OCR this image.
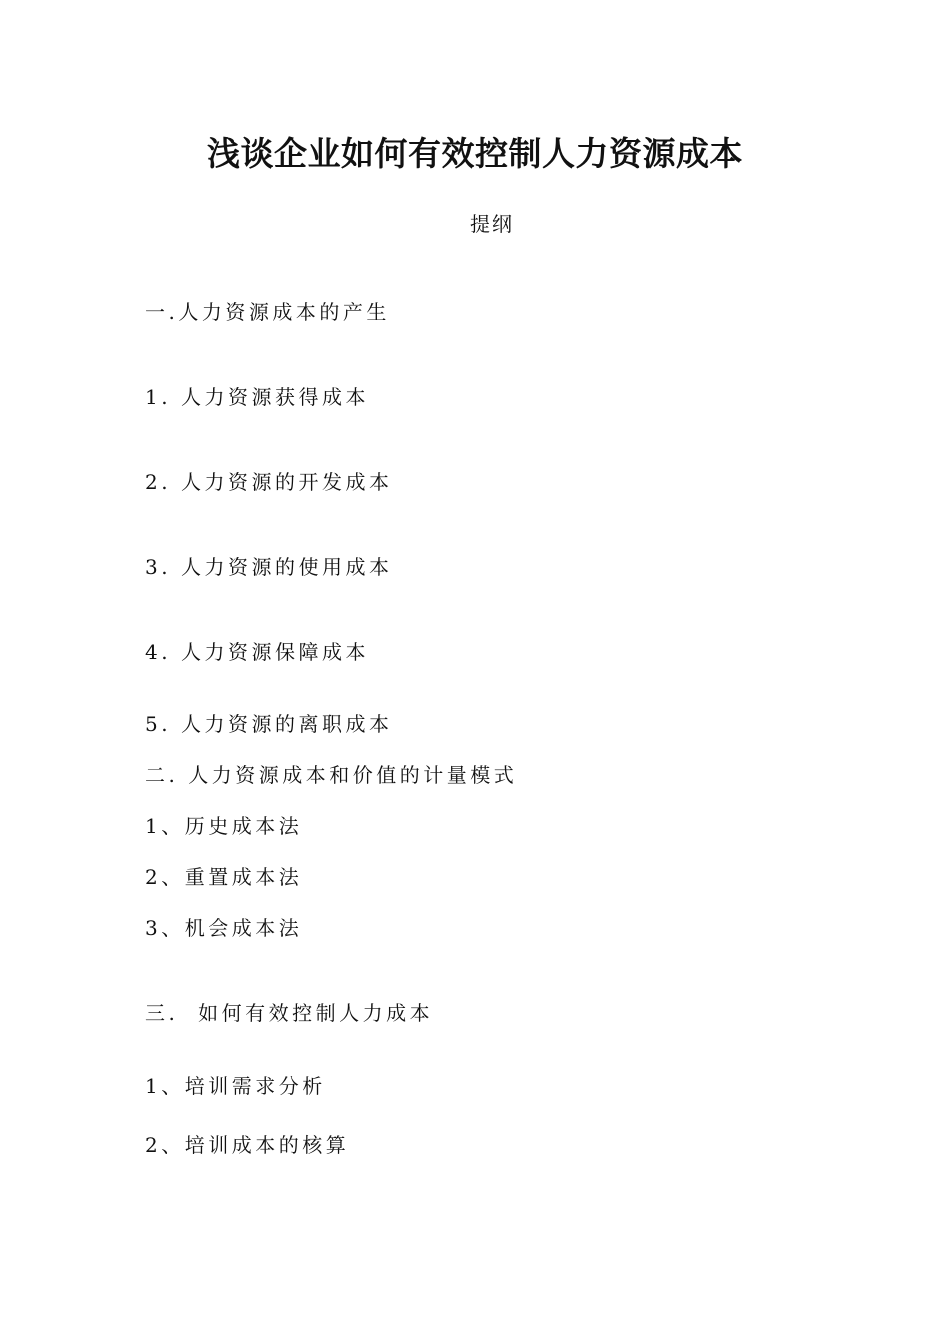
浅谈企业如何有效控制人力资源成本
提纲
一.人力资源成本的产生
1. 人力资源获得成本
2. 人力资源的开发成本
3. 人力资源的使用成本
4. 人力资源保障成本
5. 人力资源的离职成本
二. 人力资源成本和价值的计量模式
1、历史成本法
2、重置成本法
3、机会成本法
三.  如何有效控制人力成本
1、培训需求分析
2、培训成本的核算
